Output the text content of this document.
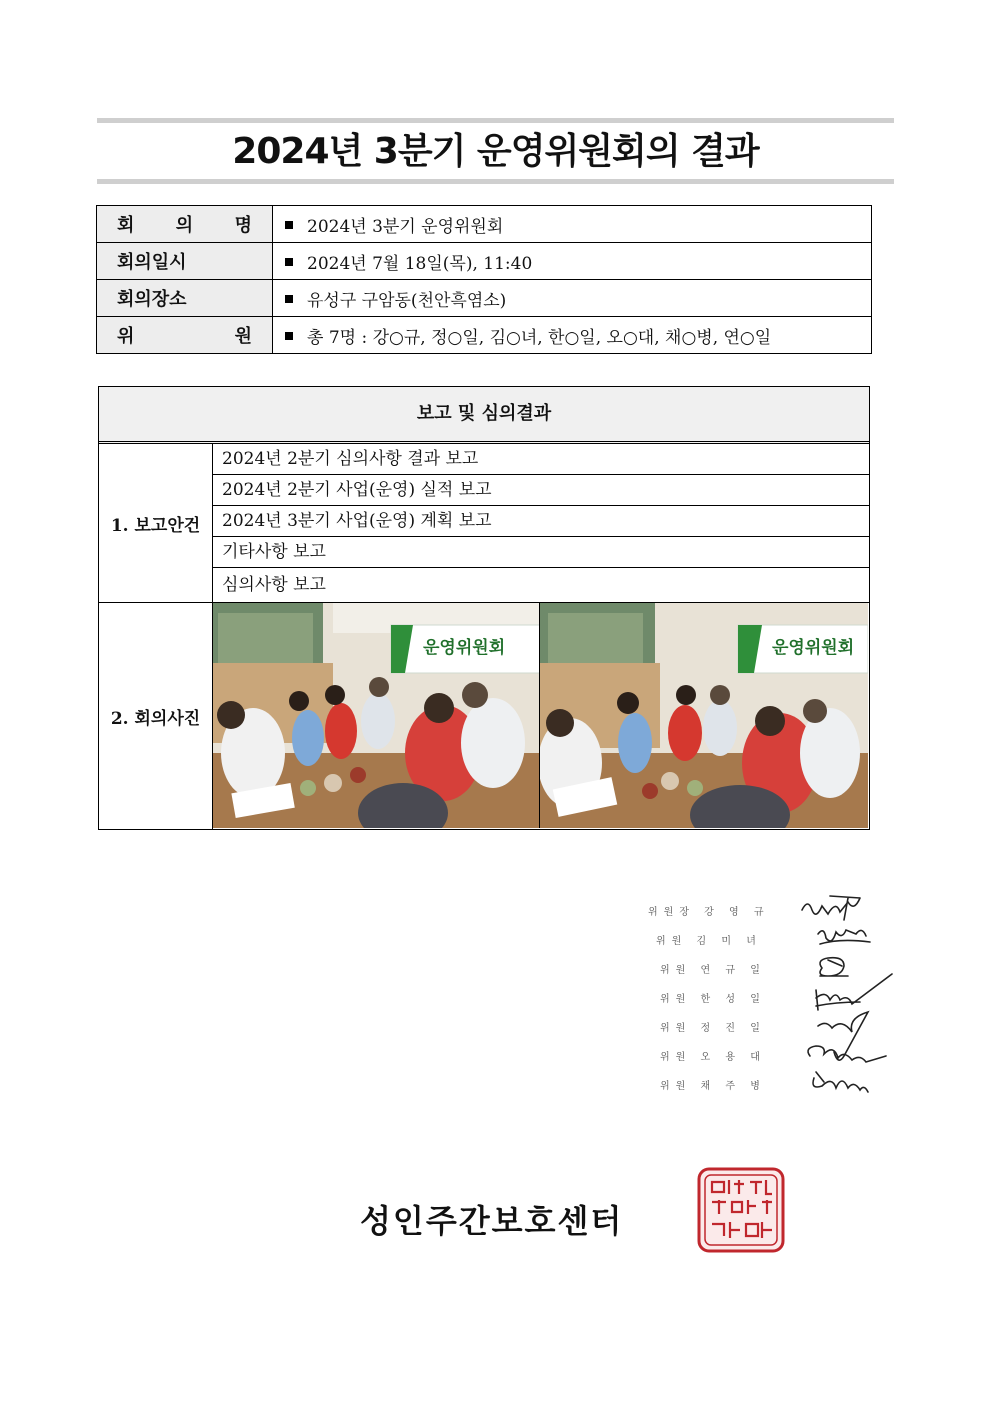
2024년 3분기 운영위원회의 결과
회 의 명	2024년 3분기 운영위원회
회의일시	2024년 7월 18일(목), 11:40
회의장소	유성구 구암동(천안흑염소)
위 원	총 7명 : 강○규, 정○일, 김○녀, 한○일, 오○대, 채○병, 연○일
보고 및 심의결과
1. 보고안건
2024년 2분기 심의사항 결과 보고
2024년 2분기 사업(운영) 실적 보고
2024년 3분기 사업(운영) 계획 보고
기타사항 보고
심의사항 보고
2. 회의사진
운영위원회	운영위원회
위원장 강 영 규
위원 김 미 녀
위원 연 규 일
위원 한 성 일
위원 정 진 일
위원 오 용 대
위원 채 주 병
성인주간보호센터
